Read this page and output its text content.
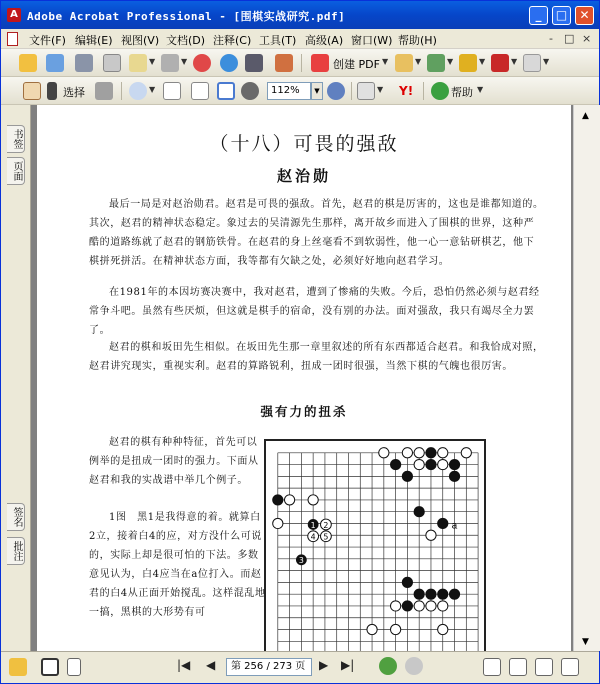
A Adobe Acrobat Professional - [围棋实战研究.pdf]	_	□	✕
文件(F) 编辑(E) 视图(V) 文档(D) 注释(C) 工具(T) 高级(A) 窗口(W) 帮助(H)	- □ ×
▼	▼	创建 PDF ▼	▼	▼	▼	▼	▼
选择	▼	112%	▼	▼ Y!	帮助 ▼
书签
页面
签名
批注
（十八）可畏的强敌
赵治勋
最后一局是对赵治勋君。赵君是可畏的强敌。首先，赵君的棋是厉害的，这也是谁都知道的。其次，赵君的精神状态稳定。象过去的吴清源先生那样，离开故乡而进入了围棋的世界，这种严酷的道路练就了赵君的钢筋铁骨。在赵君的身上丝毫看不到软弱性，他一心一意钻研棋艺，他下棋拼死拼活。在精神状态方面，我等都有欠缺之处，必须好好地向赵君学习。
在1981年的本因坊赛决赛中，我对赵君，遭到了惨痛的失败。今后，恐怕仍然必须与赵君经常争斗吧。虽然有些厌烦，但这就是棋手的宿命，没有别的办法。面对强敌，我只有竭尽全力罢了。
赵君的棋和坂田先生相似。在坂田先生那一章里叙述的所有东西都适合赵君。和我恰成对照，赵君讲究现实，重视实利。赵君的算路锐利，扭成一团时很强，当然下棋的气魄也很厉害。
强有力的扭杀
赵君的棋有种种特征，首先可以例举的是扭成一团时的强力。下面从赵君和我的实战谱中举几个例子。
1图　黑1是我得意的着。就算白2立，接着白4的应，对方没什么可说的，实际上却是很可怕的下法。多数意见认为，白4应当在a位打入。而赵君的白4从正面开始搅乱。这样混乱地一搞，黑棋的大形势有可
a
1 2
4 5
3
▲
▼
|◀ ◀	第 256 / 273 页	▶ ▶|
